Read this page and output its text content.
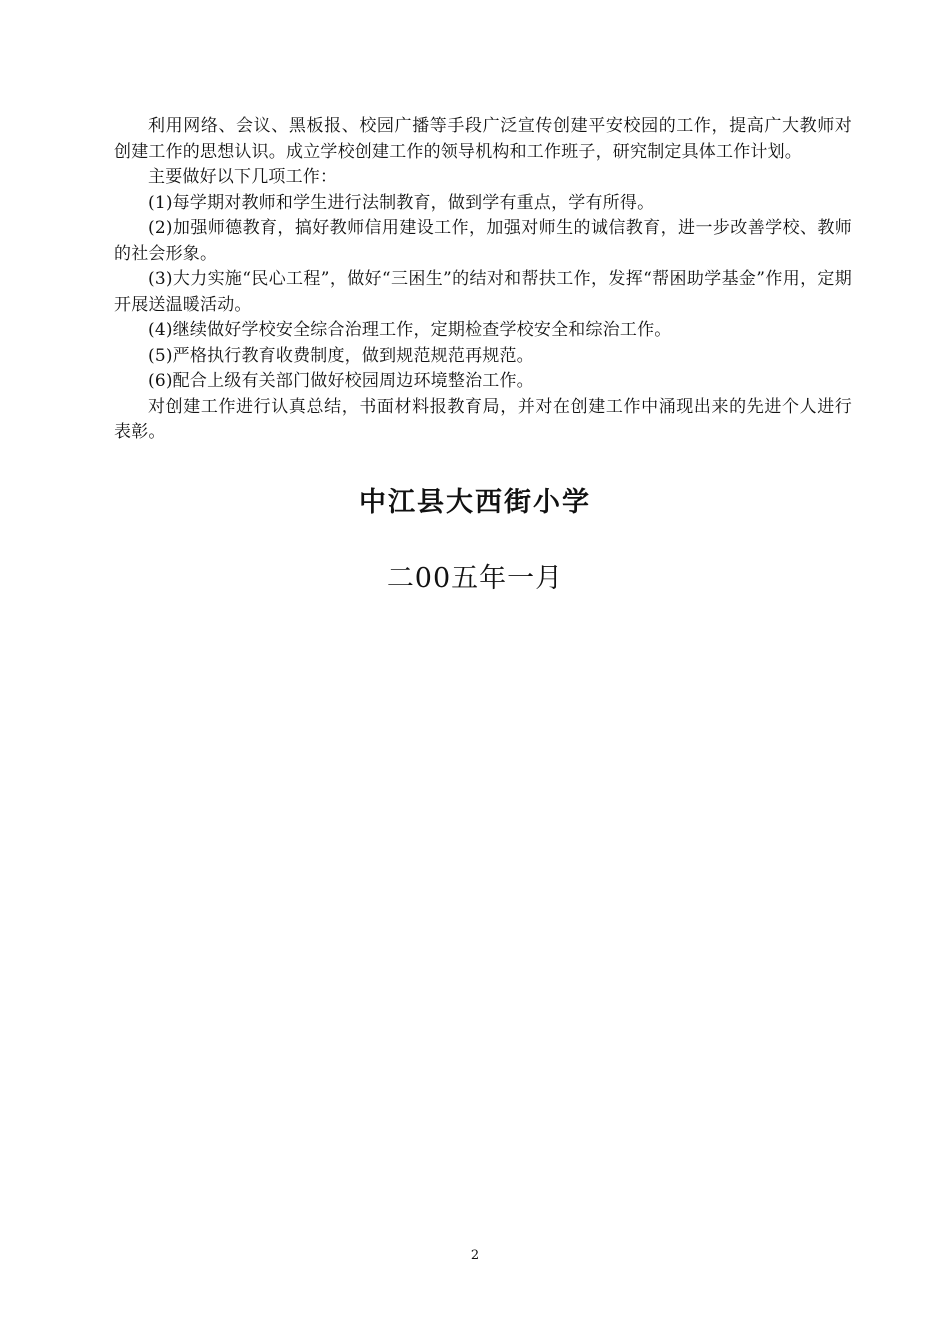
利用网络、会议、黑板报、校园广播等手段广泛宣传创建平安校园的工作，提高广大教师对创建工作的思想认识。成立学校创建工作的领导机构和工作班子，研究制定具体工作计划。

主要做好以下几项工作：

(1)每学期对教师和学生进行法制教育，做到学有重点，学有所得。

(2)加强师德教育，搞好教师信用建设工作，加强对师生的诚信教育，进一步改善学校、教师的社会形象。

(3)大力实施“民心工程”，做好“三困生”的结对和帮扶工作，发挥“帮困助学基金”作用，定期开展送温暖活动。

(4)继续做好学校安全综合治理工作，定期检查学校安全和综治工作。

(5)严格执行教育收费制度，做到规范规范再规范。

(6)配合上级有关部门做好校园周边环境整治工作。

对创建工作进行认真总结，书面材料报教育局，并对在创建工作中涌现出来的先进个人进行表彰。

中江县大西街小学
二00五年一月
2
